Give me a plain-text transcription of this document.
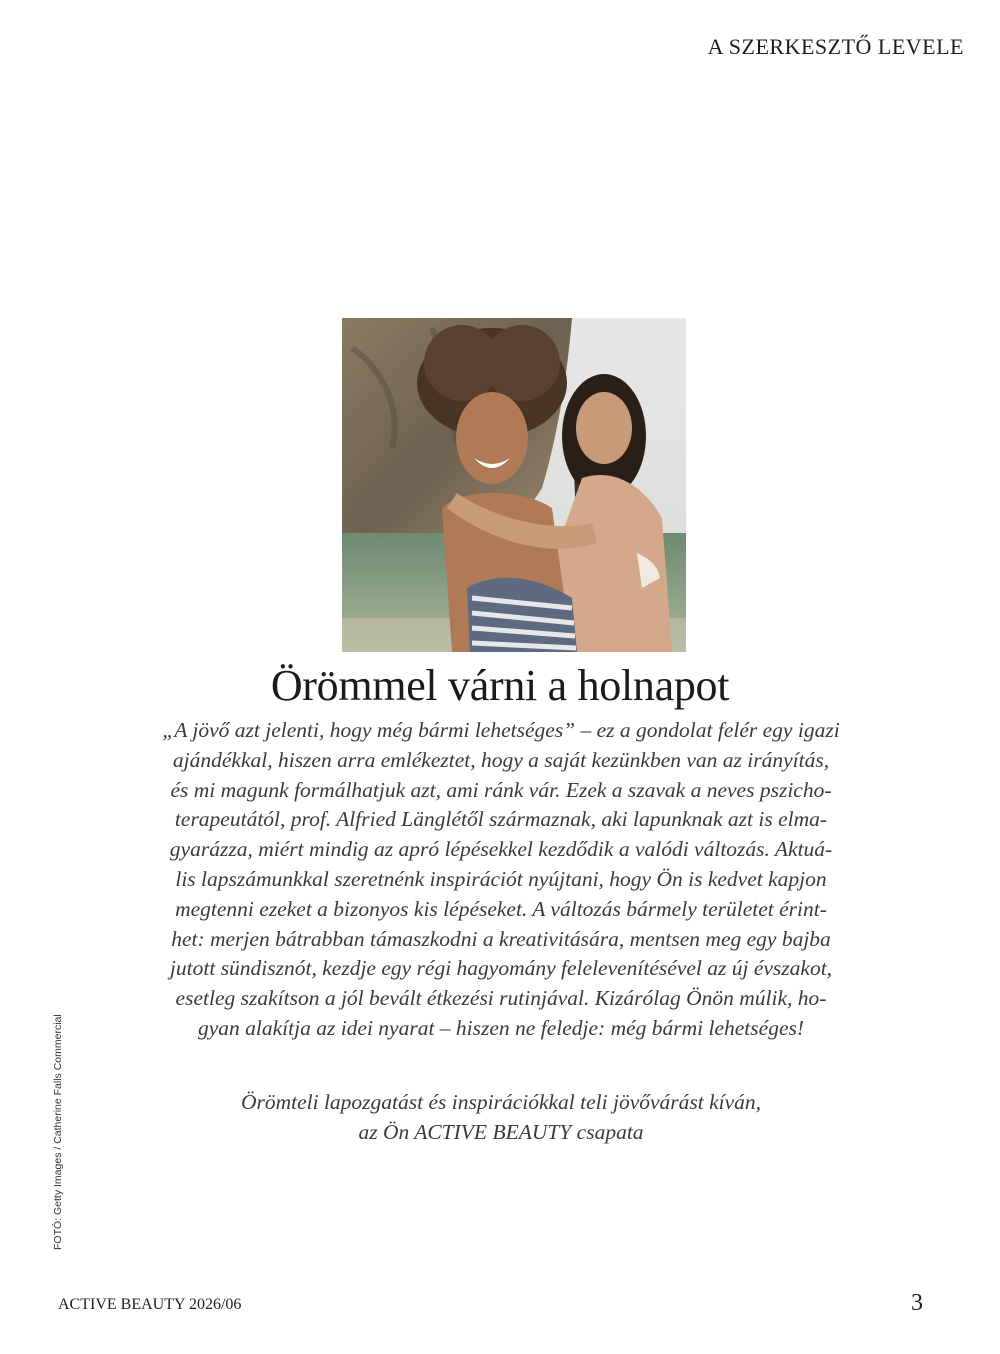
A SZERKESZTŐ LEVELE
Örömmel várni a holnapot

„A jövő azt jelenti, hogy még bármi lehetséges” – ez a gondolat felér egy igazi
ajándékkal, hiszen arra emlékeztet, hogy a saját kezünkben van az irányítás,
és mi magunk formálhatjuk azt, ami ránk vár. Ezek a szavak a neves pszicho-
terapeutától, prof. Alfried Länglétől származnak, aki lapunknak azt is elma-
gyarázza, miért mindig az apró lépésekkel kezdődik a valódi változás. Aktuá-
lis lapszámunkkal szeretnénk inspirációt nyújtani, hogy Ön is kedvet kapjon
megtenni ezeket a bizonyos kis lépéseket. A változás bármely területet érint-
het: merjen bátrabban támaszkodni a kreativitására, mentsen meg egy bajba
jutott sündisznót, kezdje egy régi hagyomány felelevenítésével az új évszakot,
esetleg szakítson a jól bevált étkezési rutinjával. Kizárólag Önön múlik, ho-
gyan alakítja az idei nyarat – hiszen ne feledje: még bármi lehetséges!

Örömteli lapozgatást és inspirációkkal teli jövővárást kíván,
az Ön ACTIVE BEAUTY csapata

FOTÓ: Getty Images / Catherine Falls Commercial
ACTIVE BEAUTY 2026/06	3
